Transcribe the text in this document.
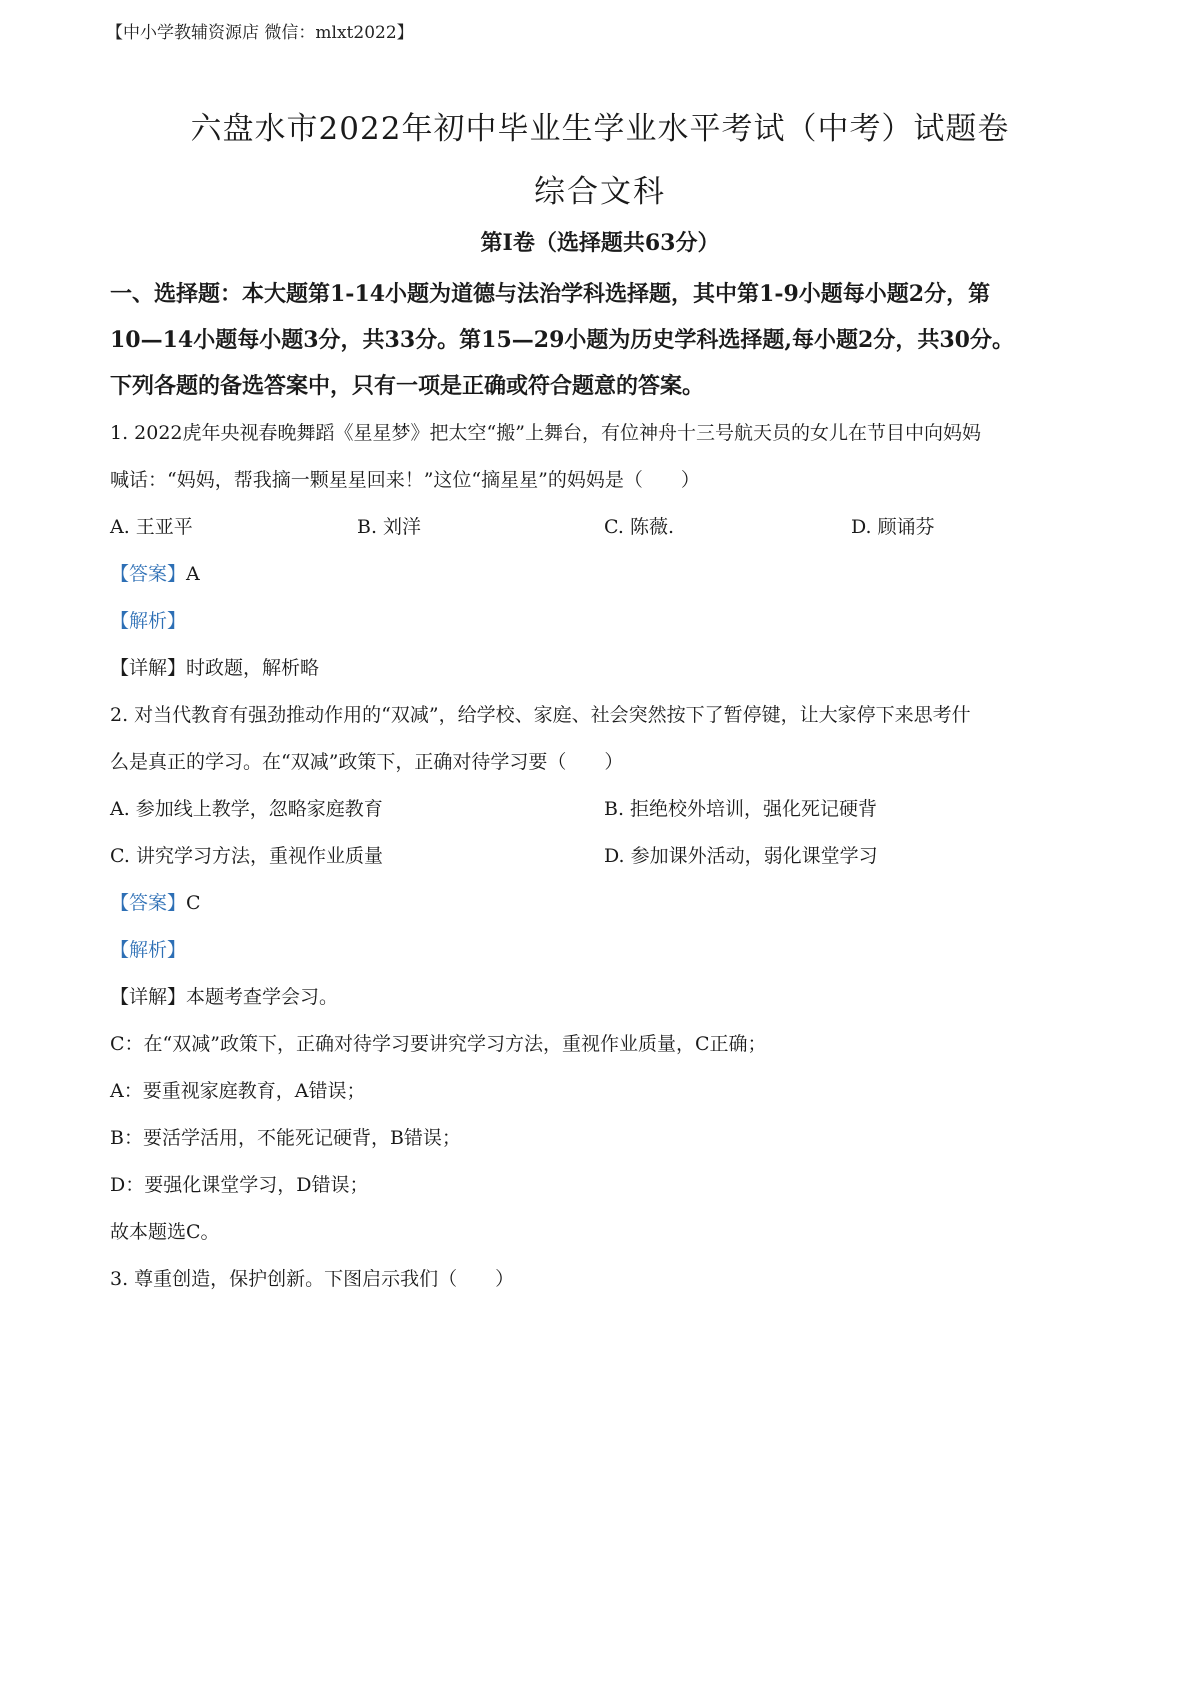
【中小学教辅资源店 微信：mlxt2022】
六盘水市2022年初中毕业生学业水平考试（中考）试题卷
综合文科
第Ⅰ卷（选择题共63分）
一、选择题：本大题第1-14小题为道德与法治学科选择题，其中第1-9小题每小题2分，第
10—14小题每小题3分，共33分。第15—29小题为历史学科选择题,每小题2分，共30分。
下列各题的备选答案中，只有一项是正确或符合题意的答案。

1. 2022虎年央视春晚舞蹈《星星梦》把太空“搬”上舞台，有位神舟十三号航天员的女儿在节目中向妈妈

喊话：“妈妈，帮我摘一颗星星回来！”这位“摘星星”的妈妈是（　　）

A. 王亚平	B. 刘洋	C. 陈薇.	D. 顾诵芬

【答案】A

【解析】

【详解】时政题，解析略

2. 对当代教育有强劲推动作用的“双减”，给学校、家庭、社会突然按下了暂停键，让大家停下来思考什

么是真正的学习。在“双减”政策下，正确对待学习要（　　）

A. 参加线上教学，忽略家庭教育	B. 拒绝校外培训，强化死记硬背
C. 讲究学习方法，重视作业质量	D. 参加课外活动，弱化课堂学习

【答案】C

【解析】

【详解】本题考查学会习。

C：在“双减”政策下，正确对待学习要讲究学习方法，重视作业质量，C正确；

A：要重视家庭教育，A错误；

B：要活学活用，不能死记硬背，B错误；

D：要强化课堂学习，D错误；

故本题选C。

3. 尊重创造，保护创新。下图启示我们（　　）
